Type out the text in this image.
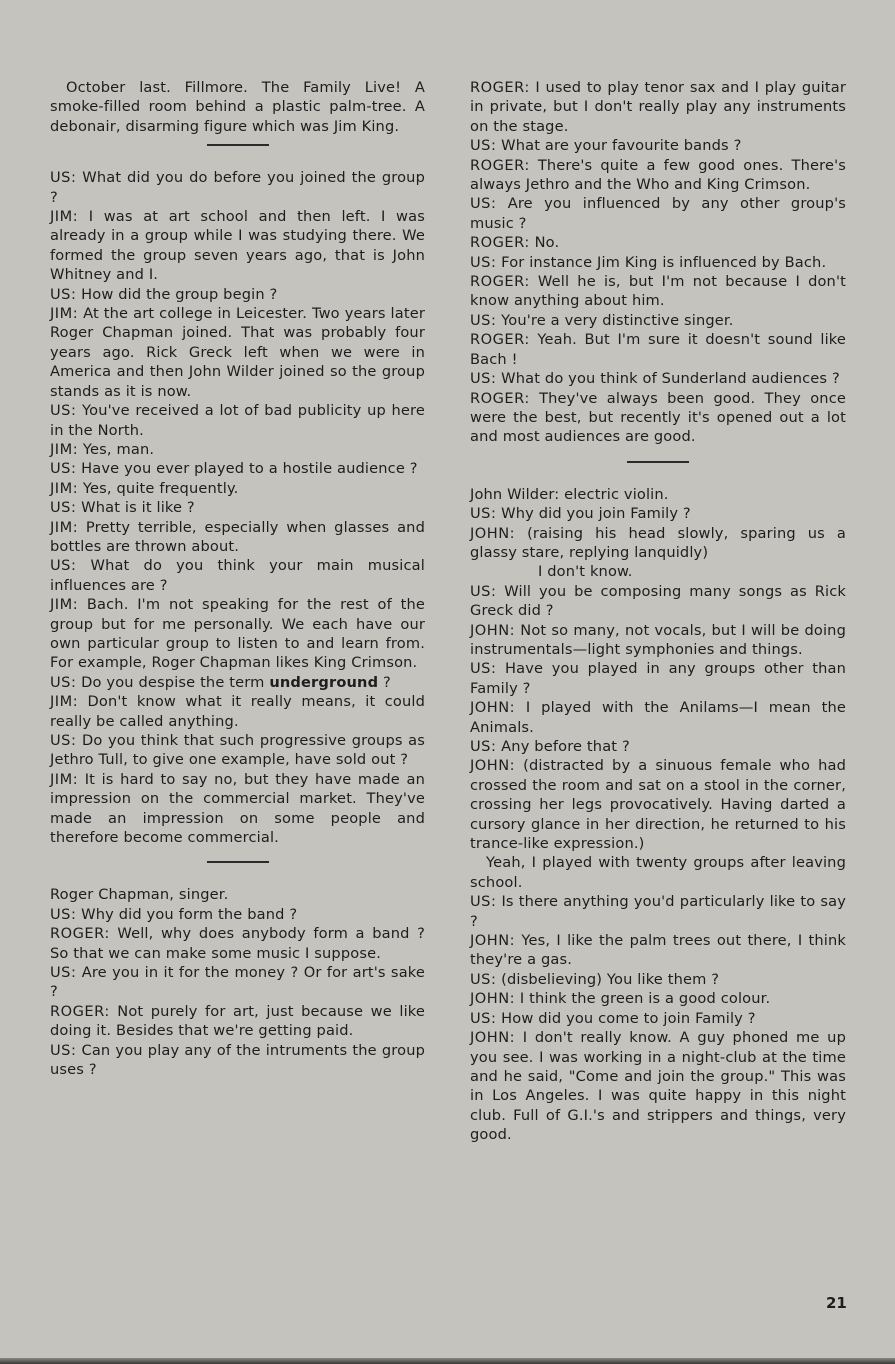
October last. Fillmore. The Family Live! A smoke-filled room behind a plastic palm-tree. A debonair, disarming figure which was Jim King.

US: What did you do before you joined the group ?

JIM: I was at art school and then left. I was already in a group while I was studying there. We formed the group seven years ago, that is John Whitney and I.

US: How did the group begin ?

JIM: At the art college in Leicester. Two years later Roger Chapman joined. That was probably four years ago. Rick Greck left when we were in America and then John Wilder joined so the group stands as it is now.

US: You've received a lot of bad publicity up here in the North.

JIM: Yes, man.

US: Have you ever played to a hostile audience ?

JIM: Yes, quite frequently.

US: What is it like ?

JIM: Pretty terrible, especially when glasses and bottles are thrown about.

US: What do you think your main musical influences are ?

JIM: Bach. I'm not speaking for the rest of the group but for me personally. We each have our own particular group to listen to and learn from. For example, Roger Chapman likes King Crimson.

US: Do you despise the term underground ?

JIM: Don't know what it really means, it could really be called anything.

US: Do you think that such progressive groups as Jethro Tull, to give one example, have sold out ?

JIM: It is hard to say no, but they have made an impression on the commercial market. They've made an impression on some people and therefore become commercial.

Roger Chapman, singer.

US: Why did you form the band ?

ROGER: Well, why does anybody form a band ? So that we can make some music I suppose.

US: Are you in it for the money ? Or for art's sake ?

ROGER: Not purely for art, just because we like doing it. Besides that we're getting paid.

US: Can you play any of the intruments the group uses ?

ROGER: I used to play tenor sax and I play guitar in private, but I don't really play any instruments on the stage.

US: What are your favourite bands ?

ROGER: There's quite a few good ones. There's always Jethro and the Who and King Crimson.

US: Are you influenced by any other group's music ?

ROGER: No.

US: For instance Jim King is influenced by Bach.

ROGER: Well he is, but I'm not because I don't know anything about him.

US: You're a very distinctive singer.

ROGER: Yeah. But I'm sure it doesn't sound like Bach !

US: What do you think of Sunderland audiences ?

ROGER: They've always been good. They once were the best, but recently it's opened out a lot and most audiences are good.

John Wilder: electric violin.

US: Why did you join Family ?

JOHN: (raising his head slowly, sparing us a glassy stare, replying lanquidly)

I don't know.

US: Will you be composing many songs as Rick Greck did ?

JOHN: Not so many, not vocals, but I will be doing instrumentals—light symphonies and things.

US: Have you played in any groups other than Family ?

JOHN: I played with the Anilams—I mean the Animals.

US: Any before that ?

JOHN: (distracted by a sinuous female who had crossed the room and sat on a stool in the corner, crossing her legs provocatively. Having darted a cursory glance in her direction, he returned to his trance-like expression.)

Yeah, I played with twenty groups after leaving school.

US: Is there anything you'd particularly like to say ?

JOHN: Yes, I like the palm trees out there, I think they're a gas.

US: (disbelieving) You like them ?

JOHN: I think the green is a good colour.

US: How did you come to join Family ?

JOHN: I don't really know. A guy phoned me up you see. I was working in a night-club at the time and he said, "Come and join the group." This was in Los Angeles. I was quite happy in this night club. Full of G.I.'s and strippers and things, very good.

21
